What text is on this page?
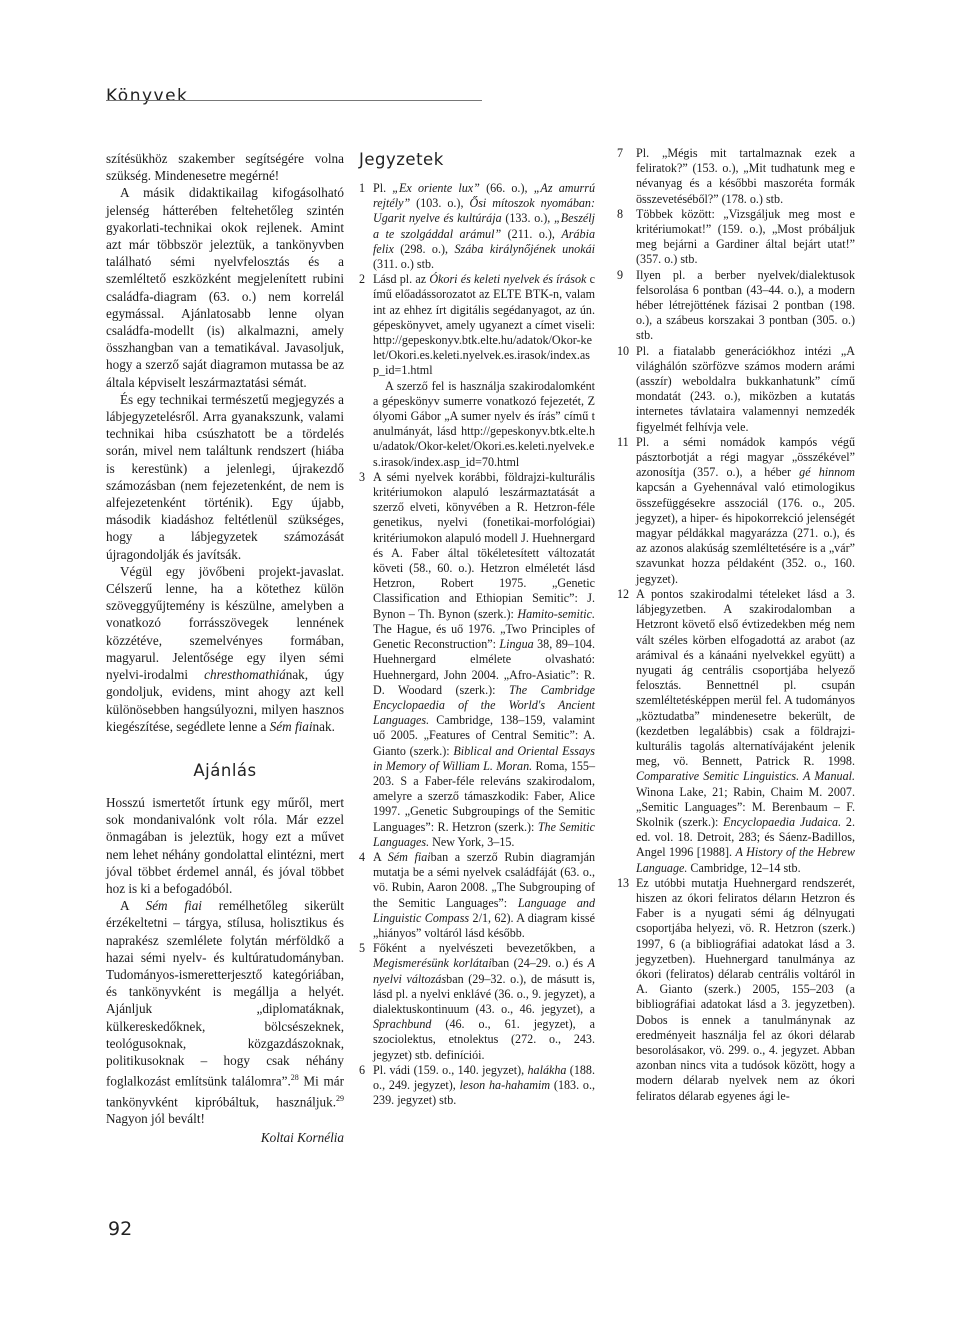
Könyvek

szítésükhöz szakember segítségére volna szükség. Mindenesetre megérné!

A másik didaktikailag kifogásolható jelenség hátterében feltehetőleg szintén gyakorlati-technikai okok rejlenek. Amint azt már többször jeleztük, a tankönyvben található sémi nyelvfelosztás és a szemléltető eszközként megjelenített rubini családfa-diagram (63. o.) nem korrelál egymással. Ajánlatosabb lenne olyan családfa-modellt (is) alkalmazni, amely összhangban van a tematikával. Javasoljuk, hogy a szerző saját diagramon mutassa be az általa képviselt leszármaztatási sémát.

És egy technikai természetű megjegyzés a lábjegyzetelésről. Arra gyanakszunk, valami technikai hiba csúszhatott be a tördelés során, mivel nem találtunk rendszert (hiába is kerestünk) a jelenlegi, újrakezdő számozásban (nem fejezetenként, de nem is alfejezetenként történik). Egy újabb, második kiadáshoz feltétlenül szükséges, hogy a lábjegyzetek számozását újragondolják és javítsák.

Végül egy jövőbeni projekt-javaslat. Célszerű lenne, ha a kötethez külön szöveggyűjtemény is készülne, amelyben a vonatkozó forrásszövegek lennének közzétéve, szemelvényes formában, magyarul. Jelentősége egy ilyen sémi nyelvi-irodalmi chresthomathiának, úgy gondoljuk, evidens, mint ahogy azt kell különösebben hangsúlyozni, milyen hasznos kiegészítése, segédlete lenne a Sém fiainak.

Ajánlás

Hosszú ismertetőt írtunk egy műről, mert sok mondanivalónk volt róla. Már ezzel önmagában is jeleztük, hogy ezt a művet nem lehet néhány gondolattal elintézni, mert jóval többet érdemel annál, és jóval többet hoz is ki a befogadóból.

A Sém fiai remélhetőleg sikerült érzékeltetni – tárgya, stílusa, holisztikus és naprakész szemlélete folytán mérföldkő a hazai sémi nyelv- és kultúratudományban. Tudományos-ismeretterjesztő kategóriában, és tankönyvként is megállja a helyét. Ajánljuk „diplomatáknak, külkereskedőknek, bölcsészeknek, teológusoknak, közgazdászoknak, politikusoknak – hogy csak néhány foglalkozást említsünk találomra”.$^{28}$ Mi már tankönyvként kipróbáltuk, használjuk.$^{29}$ Nagyon jól bevált!

Koltai Kornélia
Jegyzetek
1 Pl. „Ex oriente lux” (66. o.), „Az amurrú rejtély” (103. o.), Ősi mítoszok nyomában: Ugarit nyelve és kultúrája (133. o.), „Beszélj a te szolgáddal arámul” (211. o.), Arábia felix (298. o.), Szába királynőjének unokái (311. o.) stb.
2 Lásd pl. az Ókori és keleti nyelvek és írások című előadássorozatot az ELTE BTK-n, valamint az ehhez írt digitális segédanyagot, az ún. gépeskönyvet, amely ugyanezt a címet viseli: http://gepeskonyv.btk.elte.hu/adatok/Okor-kelet/Okori.es.keleti.nyelvek.es.irasok/index.asp_id=1.html

A szerző fel is használja szakirodalomként a gépeskönyv sumerre vonatkozó fejezetét, Zólyomi Gábor „A sumer nyelv és írás” című tanulmányát, lásd http://gepeskonyv.btk.elte.hu/adatok/Okor-kelet/Okori.es.keleti.nyelvek.es.irasok/index.asp_id=70.html

3 A sémi nyelvek korábbi, földrajzi-kulturális kritériumokon alapuló leszármaztatását a szerző elveti, könyvében a R. Hetzron-féle genetikus, nyelvi (fonetikai-morfológiai) kritériumokon alapuló modell J. Huehnergard és A. Faber által tökéletesített változatát követi (58., 60. o.). Hetzron elméletét lásd Hetzron, Robert 1975. „Genetic Classification and Ethiopian Semitic”: J. Bynon – Th. Bynon (szerk.): Hamito-semitic. The Hague, és uő 1976. „Two Principles of Genetic Reconstruction”: Lingua 38, 89–104. Huehnergard elmélete olvasható: Huehnergard, John 2004. „Afro-Asiatic”: R. D. Woodard (szerk.): The Cambridge Encyclopaedia of the World's Ancient Languages. Cambridge, 138–159, valamint uő 2005. „Features of Central Semitic”: A. Gianto (szerk.): Biblical and Oriental Essays in Memory of William L. Moran. Roma, 155–203. S a Faber-féle releváns szakirodalom, amelyre a szerző támaszkodik: Faber, Alice 1997. „Genetic Subgroupings of the Semitic Languages”: R. Hetzron (szerk.): The Semitic Languages. New York, 3–15.
4 A Sém fiaiban a szerző Rubin diagramján mutatja be a sémi nyelvek családfáját (63. o., vö. Rubin, Aaron 2008. „The Subgrouping of the Semitic Languages”: Language and Linguistic Compass 2/1, 62). A diagram kissé „hiányos” voltáról lásd később.
5 Főként a nyelvészeti bevezetőkben, a Megismerésünk korlátaiban (24–29. o.) és A nyelvi változásban (29–32. o.), de másutt is, lásd pl. a nyelvi enklávé (36. o., 9. jegyzet), a dialektuskontinuum (43. o., 46. jegyzet), a Sprachbund (46. o., 61. jegyzet), a szociolektus, etnolektus (272. o., 243. jegyzet) stb. definíciói.
6 Pl. vádi (159. o., 140. jegyzet), halákha (188. o., 249. jegyzet), leson ha-hahamim (183. o., 239. jegyzet) stb.
7	Pl. „Mégis mit tartalmaznak ezek a feliratok?” (153. o.), „Mit tudhatunk meg e névanyag és a későbbi maszoréta formák összevetéséből?” (178. o.) stb.
8	Többek között: „Vizsgáljuk meg most e kritériumokat!” (159. o.), „Most próbáljuk meg bejárni a Gardiner által bejárt utat!” (357. o.) stb.
9	Ilyen pl. a berber nyelvek/dialektusok felsorolása 6 pontban (43–44. o.), a modern héber létrejöttének fázisai 2 pontban (198. o.), a szábeus korszakai 3 pontban (305. o.) stb.
10 Pl. a fiatalabb generációkhoz intézi „A világhálón szörfözve számos modern arámi (asszír) weboldalra bukkanhatunk” című mondatát (243. o.), miközben a kutatás internetes távlataira valamennyi nemzedék figyelmét felhívja vele.
11 Pl. a sémi nomádok kampós végű pásztorbotját a régi magyar „összékével” azonosítja (357. o.), a héber gé hinnom kapcsán a Gyehennával való etimologikus összefüggésekre asszociál (176. o., 205. jegyzet), a hiper- és hipokorrekció jelenségét magyar példákkal magyarázza (271. o.), és az azonos alakúság szemléltetésére is a „vár” szavunkat hozza példaként (352. o., 160. jegyzet).
12 A pontos szakirodalmi tételeket lásd a 3. lábjegyzetben. A szakirodalomban a Hetzront követő első évtizedekben még nem vált széles körben elfogadottá az arabot (az arámival és a kánaáni nyelvekkel együtt) a nyugati ág centrális csoportjába helyező felosztás. Bennettnél pl. csupán szemléltetésképpen merül fel. A tudományos „köztudatba” mindenesetre bekerült, de (kezdetben legalábbis) csak a földrajzi-kulturális tagolás alternatívájaként jelenik meg, vö. Bennett, Patrick R. 1998. Comparative Semitic Linguistics. A Manual. Winona Lake, 21; Rabin, Chaim M. 2007. „Semitic Languages”: M. Berenbaum – F. Skolnik (szerk.): Encyclopaedia Judaica. 2. ed. vol. 18. Detroit, 283; és Sáenz-Badillos, Angel 1996 [1988]. A History of the Hebrew Language. Cambridge, 12–14 stb.
13 Ez utóbbi mutatja Huehnergard rendszerét, hiszen az ókori feliratos déların Hetzron és Faber is a nyugati sémi ág délnyugati csoportjába helyezi, vö. R. Hetzron (szerk.) 1997, 6 (a bibliográfiai adatokat lásd a 3. jegyzetben). Huehnergard tanulmánya az ókori (feliratos) délarab centrális voltáról in A. Gianto (szerk.) 2005, 155–203 (a bibliográfiai adatokat lásd a 3. jegyzetben). Dobos is ennek a tanulmánynak az eredményeit használja fel az ókori délarab besorolásakor, vö. 299. o., 4. jegyzet. Abban azonban nincs vita a tudósok között, hogy a modern délarab nyelvek nem az ókori feliratos délarab egyenes ági le-
92
